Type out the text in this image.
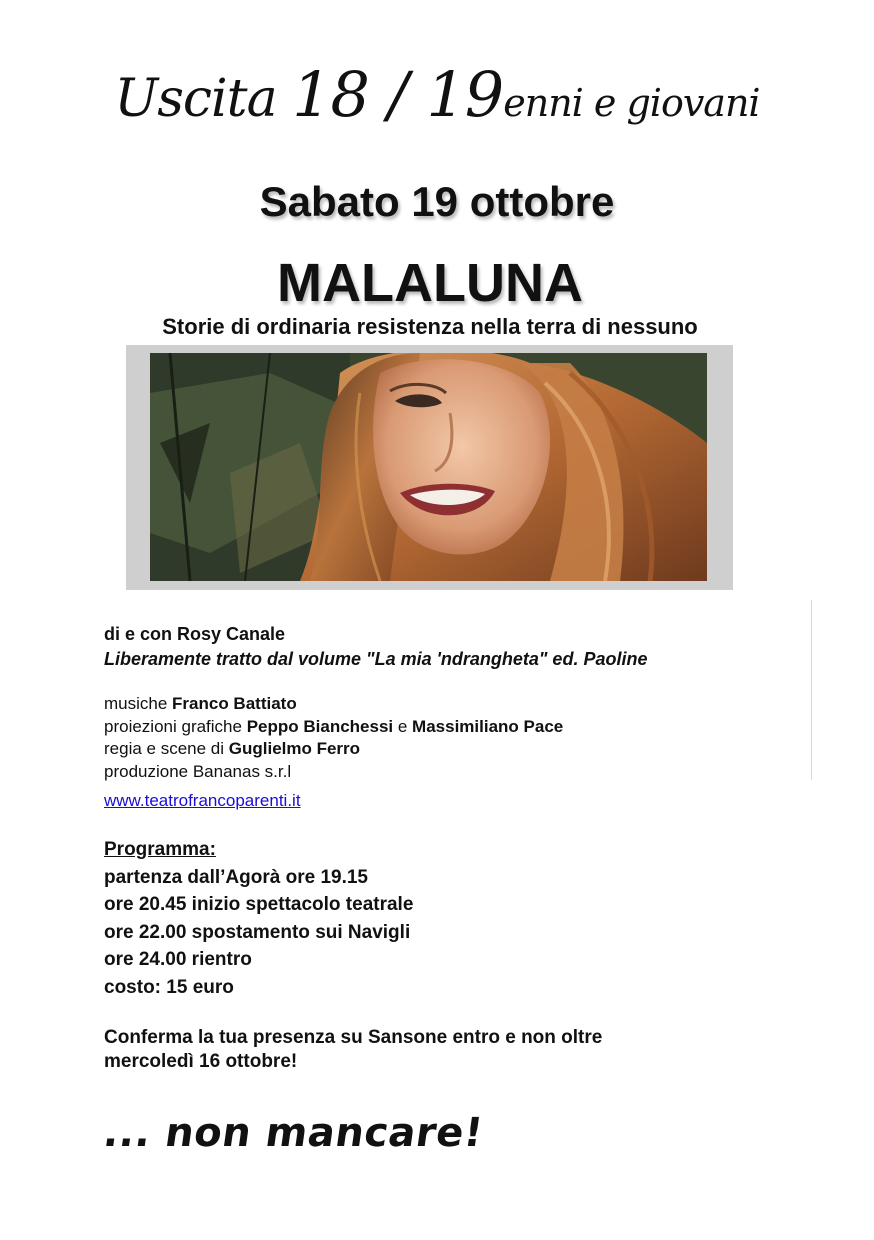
Uscita 18 / 19enni e giovani
Sabato 19 ottobre
MALALUNA
Storie di ordinaria resistenza nella terra di nessuno
di e con Rosy Canale
Liberamente tratto dal volume "La mia 'ndrangheta" ed. Paoline
musiche Franco Battiato
proiezioni grafiche Peppo Bianchessi e Massimiliano Pace
regia e scene di Guglielmo Ferro
produzione Bananas s.r.l
www.teatrofrancoparenti.it
Programma:
partenza dall’Agorà ore 19.15
ore 20.45 inizio spettacolo teatrale
ore 22.00 spostamento sui Navigli
ore 24.00 rientro
costo: 15 euro
Conferma la tua presenza su Sansone entro e non oltre
mercoledì 16 ottobre!
... non mancare!
